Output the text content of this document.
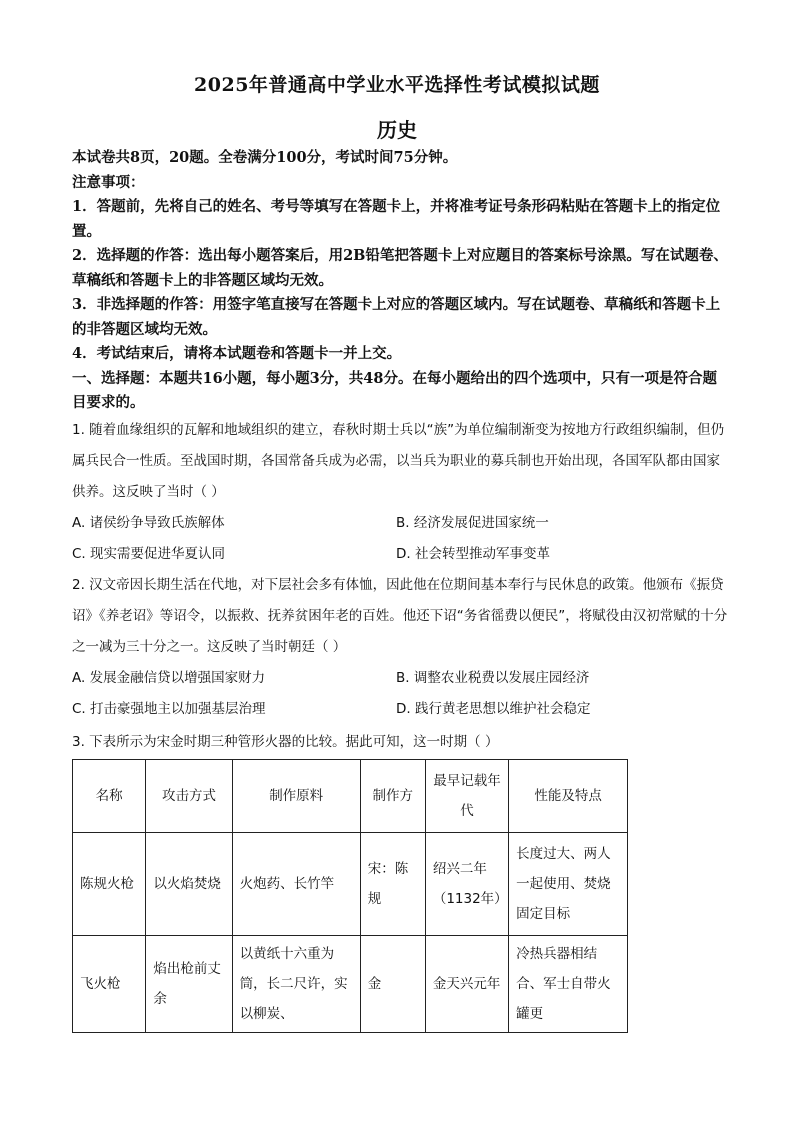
2025年普通高中学业水平选择性考试模拟试题
历史

本试卷共8页，20题。全卷满分100分，考试时间75分钟。

注意事项：

1．答题前，先将自己的姓名、考号等填写在答题卡上，并将准考证号条形码粘贴在答题卡上的指定位置。

2．选择题的作答：选出每小题答案后，用2B铅笔把答题卡上对应题目的答案标号涂黑。写在试题卷、草稿纸和答题卡上的非答题区域均无效。

3．非选择题的作答：用签字笔直接写在答题卡上对应的答题区域内。写在试题卷、草稿纸和答题卡上的非答题区域均无效。

4．考试结束后，请将本试题卷和答题卡一并上交。

一、选择题：本题共16小题，每小题3分，共48分。在每小题给出的四个选项中，只有一项是符合题目要求的。

1. 随着血缘组织的瓦解和地域组织的建立，春秋时期士兵以“族”为单位编制渐变为按地方行政组织编制，但仍属兵民合一性质。至战国时期，各国常备兵成为必需，以当兵为职业的募兵制也开始出现，各国军队都由国家供养。这反映了当时（ ）

A. 诸侯纷争导致氏族解体	B. 经济发展促进国家统一
C. 现实需要促进华夏认同	D. 社会转型推动军事变革

2. 汉文帝因长期生活在代地，对下层社会多有体恤，因此他在位期间基本奉行与民休息的政策。他颁布《振贷诏》《养老诏》等诏令，以振救、抚养贫困年老的百姓。他还下诏“务省徭费以便民”，将赋役由汉初常赋的十分之一减为三十分之一。这反映了当时朝廷（ ）

A. 发展金融信贷以增强国家财力	B. 调整农业税费以发展庄园经济
C. 打击豪强地主以加强基层治理	D. 践行黄老思想以维护社会稳定

3. 下表所示为宋金时期三种管形火器的比较。据此可知，这一时期（ ）

名称	攻击方式	制作原料	制作方	最早记载年代	性能及特点
陈规火枪	以火焰焚烧	火炮药、长竹竿	宋：陈规	绍兴二年（1132年）	长度过大、两人一起使用、焚烧固定目标
飞火枪	焰出枪前丈余	以黄纸十六重为筒，长二尺许，实以柳炭、	金	金天兴元年	冷热兵器相结合、军士自带火罐更
